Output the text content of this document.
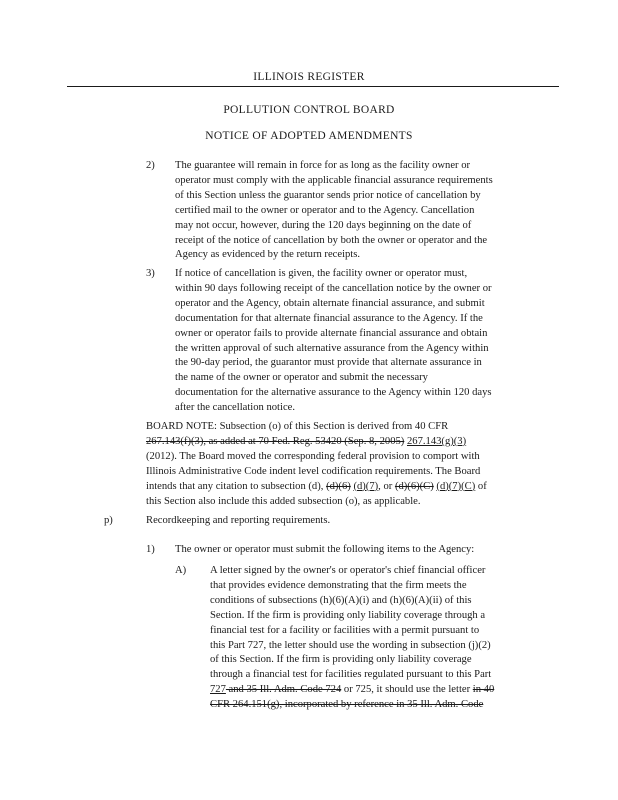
ILLINOIS REGISTER
POLLUTION CONTROL BOARD
NOTICE OF ADOPTED AMENDMENTS
2) The guarantee will remain in force for as long as the facility owner or
operator must comply with the applicable financial assurance requirements
of this Section unless the guarantor sends prior notice of cancellation by
certified mail to the owner or operator and to the Agency. Cancellation
may not occur, however, during the 120 days beginning on the date of
receipt of the notice of cancellation by both the owner or operator and the
Agency as evidenced by the return receipts.
3) If notice of cancellation is given, the facility owner or operator must,
within 90 days following receipt of the cancellation notice by the owner or
operator and the Agency, obtain alternate financial assurance, and submit
documentation for that alternate financial assurance to the Agency. If the
owner or operator fails to provide alternate financial assurance and obtain
the written approval of such alternative assurance from the Agency within
the 90-day period, the guarantor must provide that alternate assurance in
the name of the owner or operator and submit the necessary
documentation for the alternative assurance to the Agency within 120 days
after the cancellation notice.
BOARD NOTE: Subsection (o) of this Section is derived from 40 CFR
267.143(f)(3), as added at 70 Fed. Reg. 53420 (Sep. 8, 2005) 267.143(g)(3)
(2012). The Board moved the corresponding federal provision to comport with
Illinois Administrative Code indent level codification requirements. The Board
intends that any citation to subsection (d), (d)(6) (d)(7), or (d)(6)(C) (d)(7)(C) of
this Section also include this added subsection (o), as applicable.
p)	Recordkeeping and reporting requirements.
1) The owner or operator must submit the following items to the Agency:
A) A letter signed by the owner's or operator's chief financial officer
that provides evidence demonstrating that the firm meets the
conditions of subsections (h)(6)(A)(i) and (h)(6)(A)(ii) of this
Section. If the firm is providing only liability coverage through a
financial test for a facility or facilities with a permit pursuant to
this Part 727, the letter should use the wording in subsection (j)(2)
of this Section. If the firm is providing only liability coverage
through a financial test for facilities regulated pursuant to this Part
727 and 35 Ill. Adm. Code 724 or 725, it should use the letter in 40
CFR 264.151(g), incorporated by reference in 35 Ill. Adm. Code
